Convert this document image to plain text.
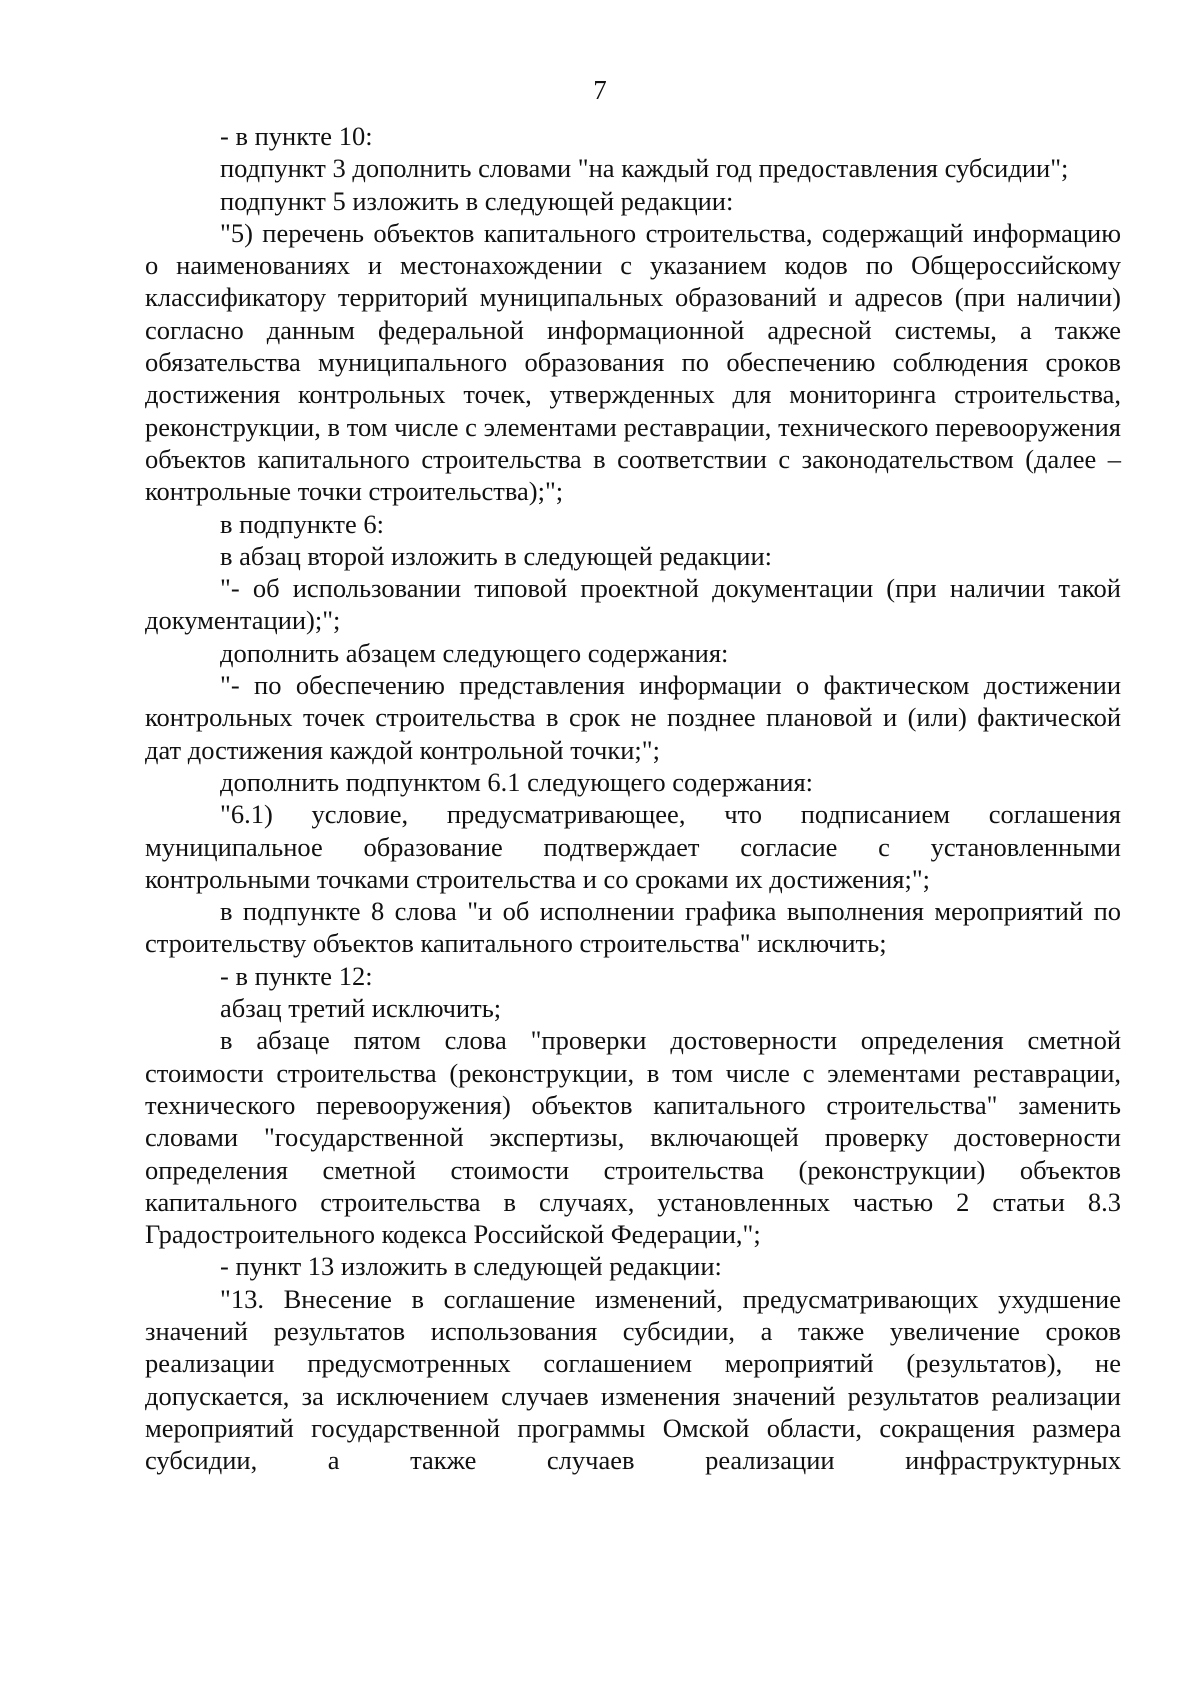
7

- в пункте 10:

подпункт 3 дополнить словами "на каждый год предоставления субсидии";

подпункт 5 изложить в следующей редакции:

"5) перечень объектов капитального строительства, содержащий информацию о наименованиях и местонахождении с указанием кодов по Общероссийскому классификатору территорий муниципальных образований и адресов (при наличии) согласно данным федеральной информационной адресной системы, а также обязательства муниципального образования по обеспечению соблюдения сроков достижения контрольных точек, утвержденных для мониторинга строительства, реконструкции, в том числе с элементами реставрации, технического перевооружения объектов капитального строительства в соответствии с законодательством (далее – контрольные точки строительства);";

в подпункте 6:

в абзац второй изложить в следующей редакции:

"- об использовании типовой проектной документации (при наличии такой документации);";

дополнить абзацем следующего содержания:

"- по обеспечению представления информации о фактическом достижении контрольных точек строительства в срок не позднее плановой и (или) фактической дат достижения каждой контрольной точки;";

дополнить подпунктом 6.1 следующего содержания:

"6.1) условие, предусматривающее, что подписанием соглашения муниципальное образование подтверждает согласие с установленными контрольными точками строительства и со сроками их достижения;";

в подпункте 8 слова "и об исполнении графика выполнения мероприятий по строительству объектов капитального строительства" исключить;

- в пункте 12:

абзац третий исключить;

в абзаце пятом слова "проверки достоверности определения сметной стоимости строительства (реконструкции, в том числе с элементами реставрации, технического перевооружения) объектов капитального строительства" заменить словами "государственной экспертизы, включающей проверку достоверности определения сметной стоимости строительства (реконструкции) объектов капитального строительства в случаях, установленных частью 2 статьи 8.3 Градостроительного кодекса Российской Федерации,";

- пункт 13 изложить в следующей редакции:

"13. Внесение в соглашение изменений, предусматривающих ухудшение значений результатов использования субсидии, а также увеличение сроков реализации предусмотренных соглашением мероприятий (результатов), не допускается, за исключением случаев изменения значений результатов реализации мероприятий государственной программы Омской области, сокращения размера субсидии, а также случаев реализации инфраструктурных
